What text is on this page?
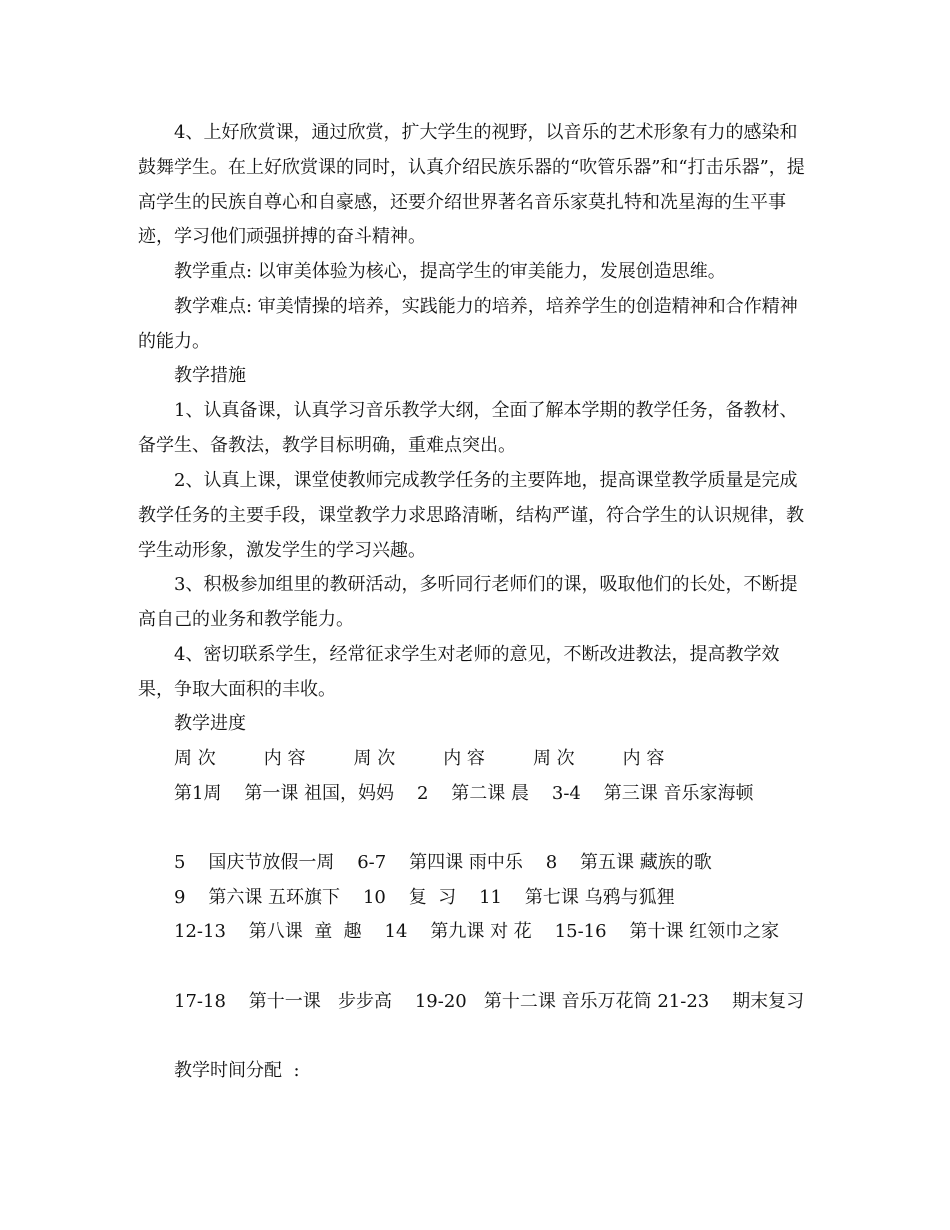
4、上好欣赏课，通过欣赏，扩大学生的视野，以音乐的艺术形象有力的感染和鼓舞学生。在上好欣赏课的同时，认真介绍民族乐器的“吹管乐器”和“打击乐器”，提高学生的民族自尊心和自豪感，还要介绍世界著名音乐家莫扎特和冼星海的生平事迹，学习他们顽强拼搏的奋斗精神。

教学重点: 以审美体验为核心，提高学生的审美能力，发展创造思维。

教学难点: 审美情操的培养，实践能力的培养，培养学生的创造精神和合作精神的能力。

教学措施

1、认真备课，认真学习音乐教学大纲，全面了解本学期的教学任务，备教材、备学生、备教法，教学目标明确，重难点突出。

2、认真上课，课堂使教师完成教学任务的主要阵地，提高课堂教学质量是完成教学任务的主要手段，课堂教学力求思路清晰，结构严谨，符合学生的认识规律，教学生动形象，激发学生的学习兴趣。

3、积极参加组里的教研活动，多听同行老师们的课，吸取他们的长处，不断提高自己的业务和教学能力。

4、密切联系学生，经常征求学生对老师的意见，不断改进教法，提高教学效果，争取大面积的丰收。

教学进度

周 次	内 容	周 次	内 容	周 次	内 容

第1周    第一课 祖国，妈妈    2    第二课 晨    3-4    第三课 音乐家海顿

5    国庆节放假一周    6-7    第四课 雨中乐    8    第五课 藏族的歌

9    第六课 五环旗下    10    复  习    11    第七课 乌鸦与狐狸

12-13    第八课  童  趣    14    第九课 对 花    15-16    第十课 红领巾之家

17-18    第十一课   步步高    19-20   第十二课 音乐万花筒 21-23    期末复习

教学时间分配  :
